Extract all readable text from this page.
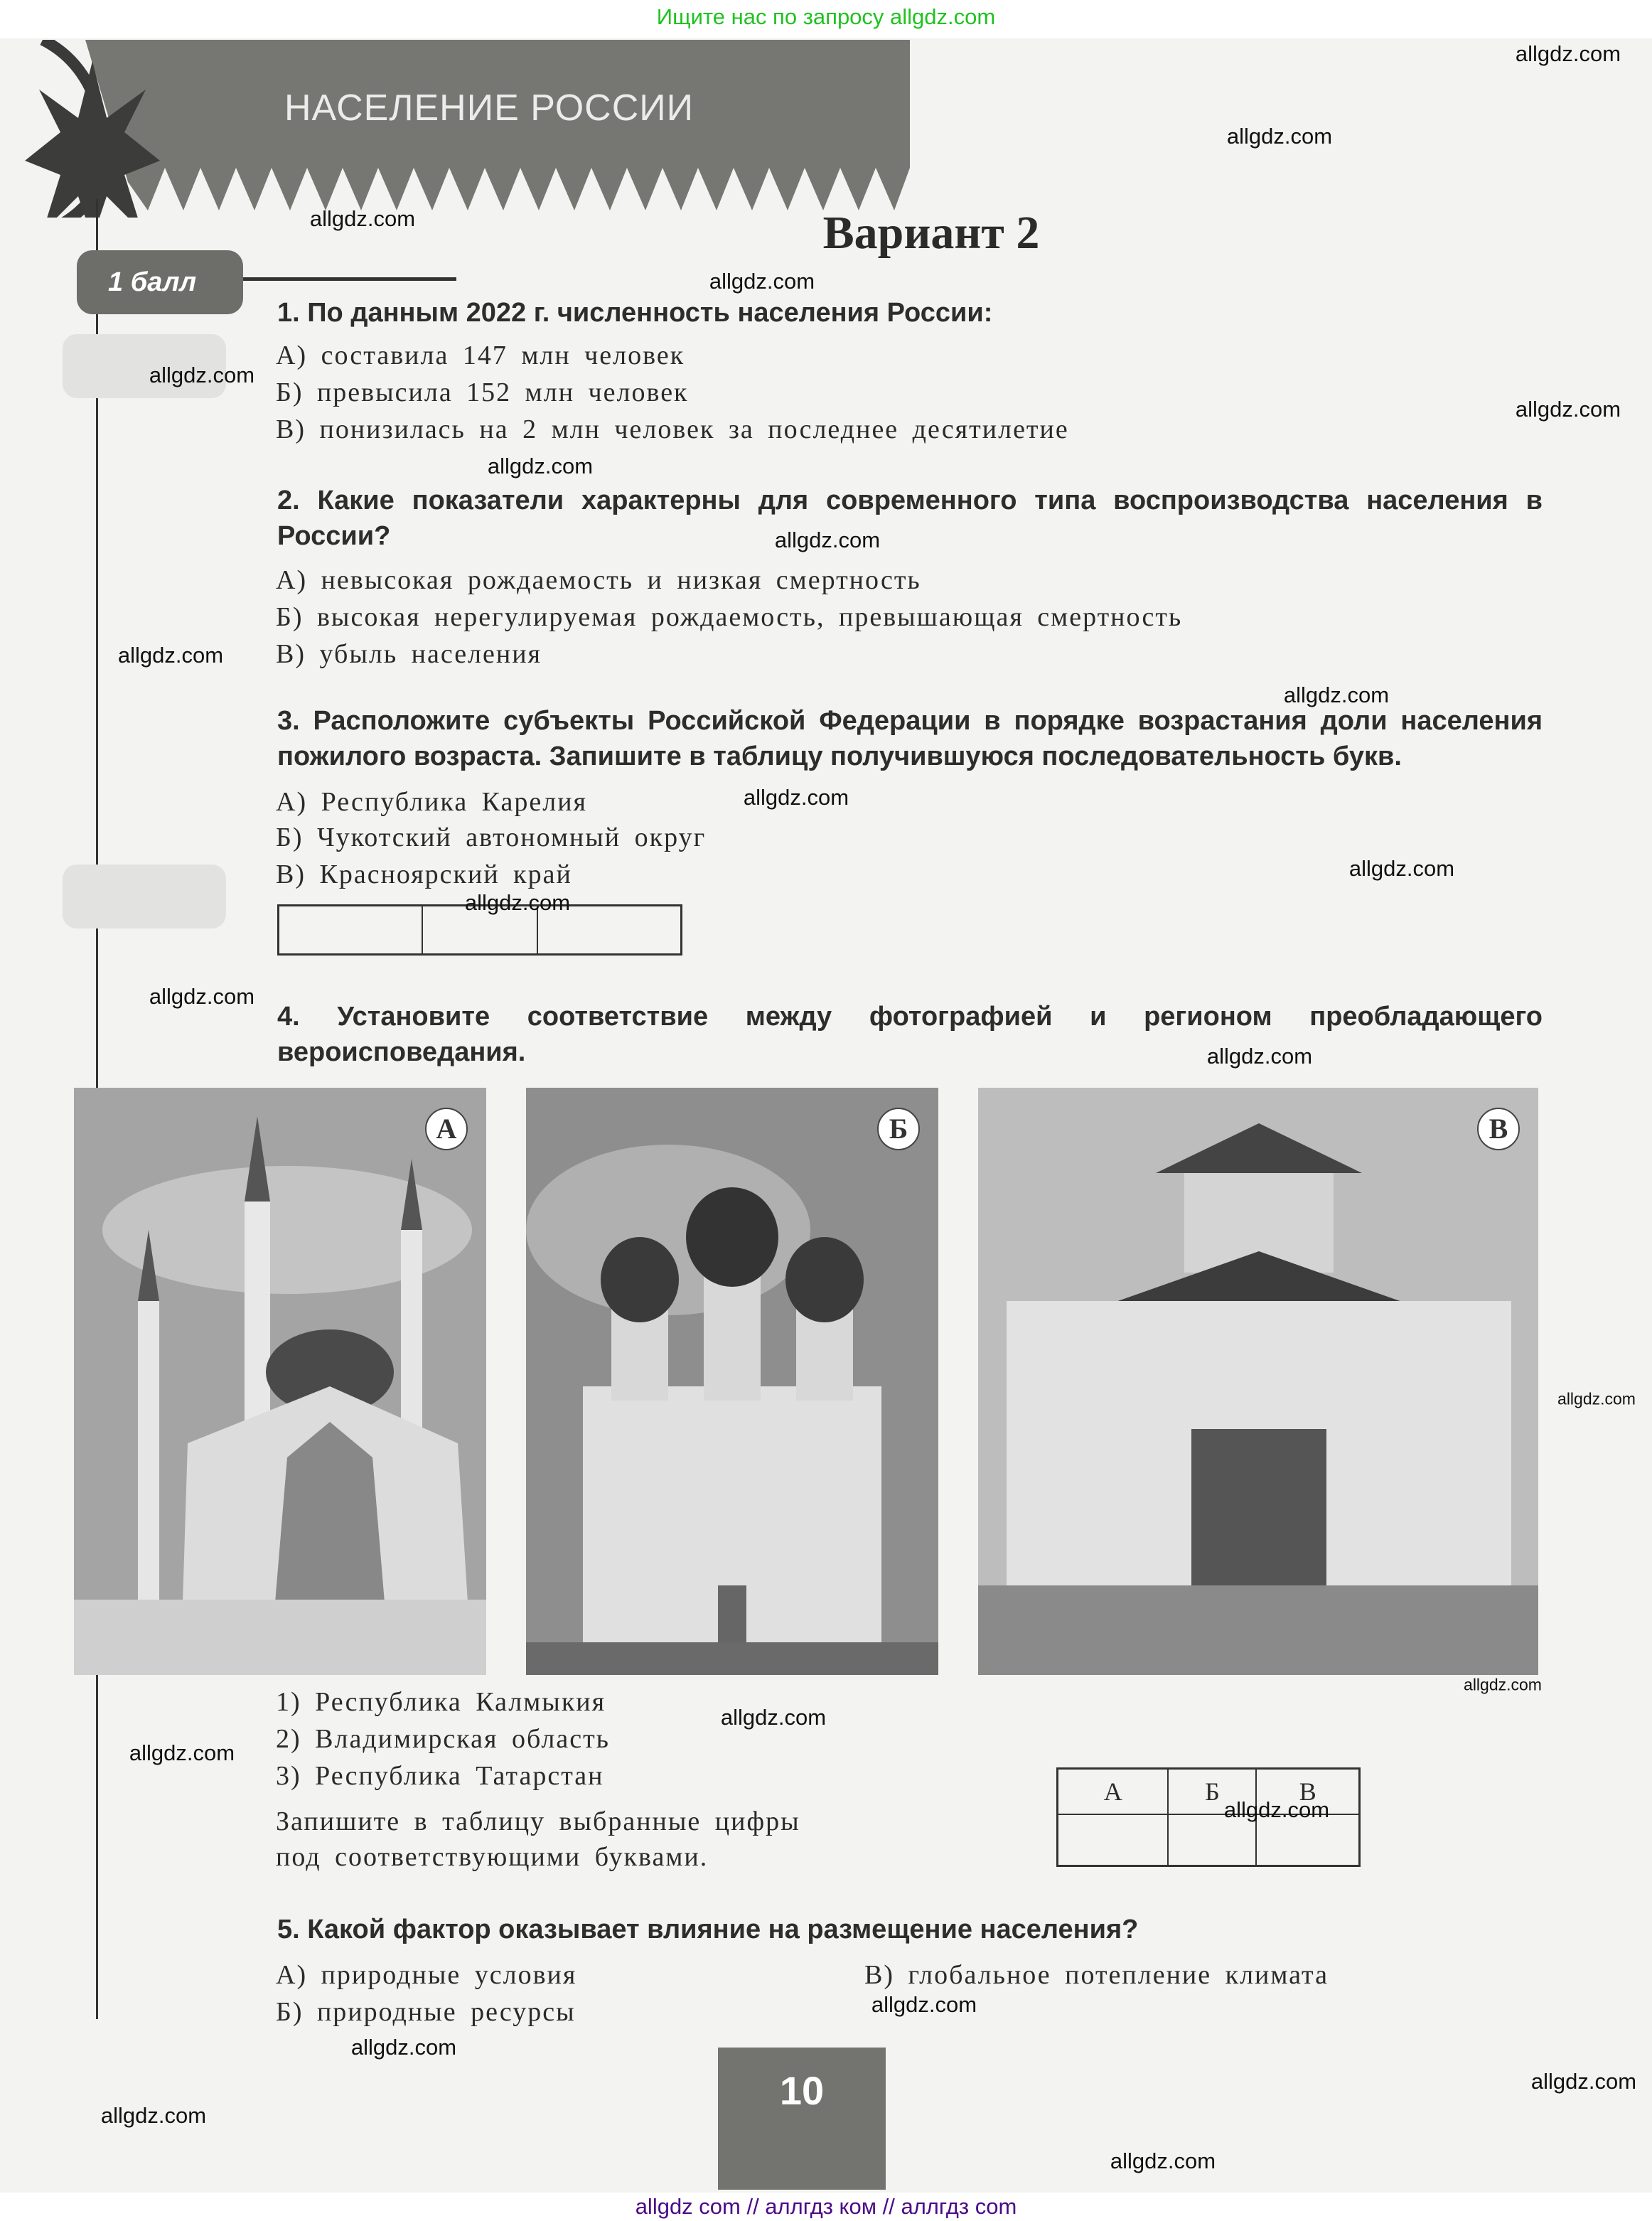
Ищите нас по запросу allgdz.com
НАСЕЛЕНИЕ РОССИИ
1 балл
Вариант 2
1. По данным 2022 г. численность населения России:
А) составила 147 млн человек
Б) превысила 152 млн человек
В) понизилась на 2 млн человек за последнее десятилетие
2. Какие показатели характерны для современного типа воспроизводства населения в России?
А) невысокая рождаемость и низкая смертность
Б) высокая нерегулируемая рождаемость, превышающая смертность
В) убыль населения
3. Расположите субъекты Российской Федерации в порядке возрастания доли населения пожилого возраста. Запишите в таблицу получившуюся последовательность букв.
А) Республика Карелия
Б) Чукотский автономный округ
В) Красноярский край

4. Установите соответствие между фотографией и регионом преобладающего вероисповедания.
А	Б	В
1) Республика Калмыкия
2) Владимирская область
3) Республика Татарстан
Запишите в таблицу выбранные цифры
под соответствующими буквами.
А	Б	В

5. Какой фактор оказывает влияние на размещение населения?
А) природные условия
Б) природные ресурсы
В) глобальное потепление климата
10
allgdz.com
allgdz.com
allgdz.com
allgdz.com
allgdz.com
allgdz.com
allgdz.com
allgdz.com
allgdz.com
allgdz.com
allgdz.com
allgdz.com
allgdz.com
allgdz.com
allgdz.com
allgdz.com
allgdz.com
allgdz.com
allgdz.com
allgdz.com
allgdz.com
allgdz.com
allgdz.com
allgdz.com
allgdz.com
allgdz com // аллгдз ком // аллгдз com
